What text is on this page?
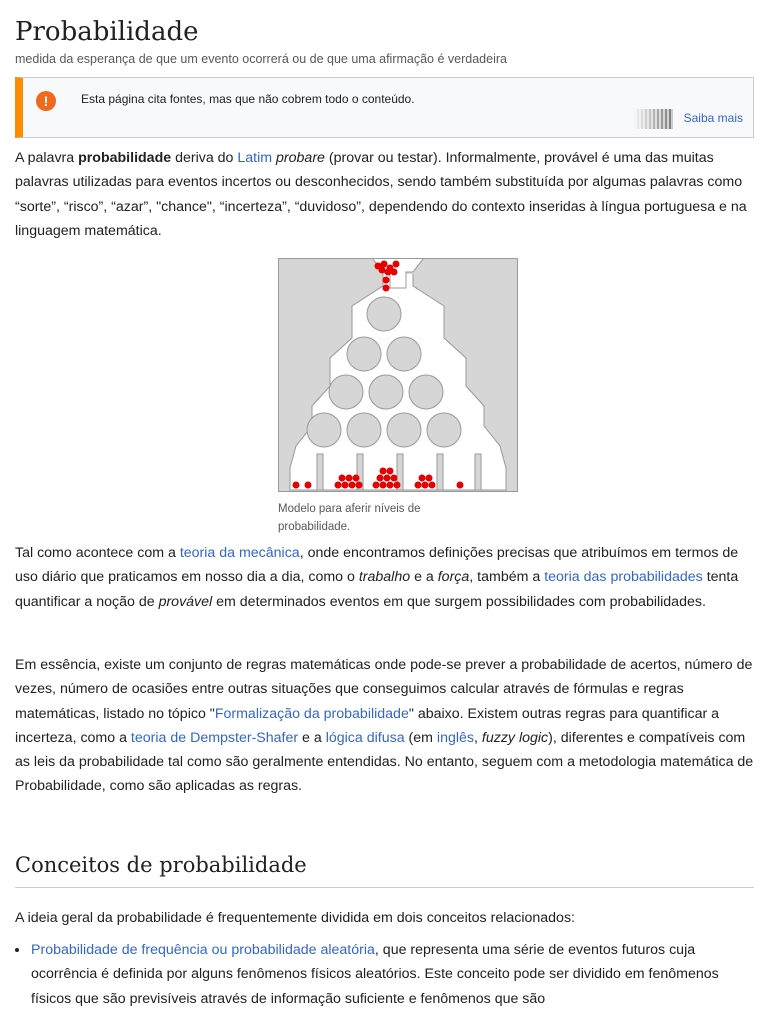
Probabilidade
medida da esperança de que um evento ocorrerá ou de que uma afirmação é verdadeira
!	Esta página cita fontes, mas que não cobrem todo o conteúdo.
Saiba mais

A palavra probabilidade deriva do Latim probare (provar ou testar). Informalmente, provável é uma das muitas palavras utilizadas para eventos incertos ou desconhecidos, sendo também substituída por algumas palavras como “sorte”, “risco”, “azar”, "chance", “incerteza”, “duvidoso”, dependendo do contexto inseridas à língua portuguesa e na linguagem matemática.

Modelo para aferir níveis de probabilidade.

Tal como acontece com a teoria da mecânica, onde encontramos definições precisas que atribuímos em termos de uso diário que praticamos em nosso dia a dia, como o trabalho e a força, também a teoria das probabilidades tenta quantificar a noção de provável em determinados eventos em que surgem possibilidades com probabilidades.

Em essência, existe um conjunto de regras matemáticas onde pode-se prever a probabilidade de acertos, número de vezes, número de ocasiões entre outras situações que conseguimos calcular através de fórmulas e regras matemáticas, listado no tópico "Formalização da probabilidade" abaixo. Existem outras regras para quantificar a incerteza, como a teoria de Dempster-Shafer e a lógica difusa (em inglês, fuzzy logic), diferentes e compatíveis com as leis da probabilidade tal como são geralmente entendidas. No entanto, seguem com a metodologia matemática de Probabilidade, como são aplicadas as regras.

Conceitos de probabilidade

A ideia geral da probabilidade é frequentemente dividida em dois conceitos relacionados:

• Probabilidade de frequência ou probabilidade aleatória, que representa uma série de eventos futuros cuja ocorrência é definida por alguns fenômenos físicos aleatórios. Este conceito pode ser dividido em fenômenos físicos que são previsíveis através de informação suficiente e fenômenos que são
